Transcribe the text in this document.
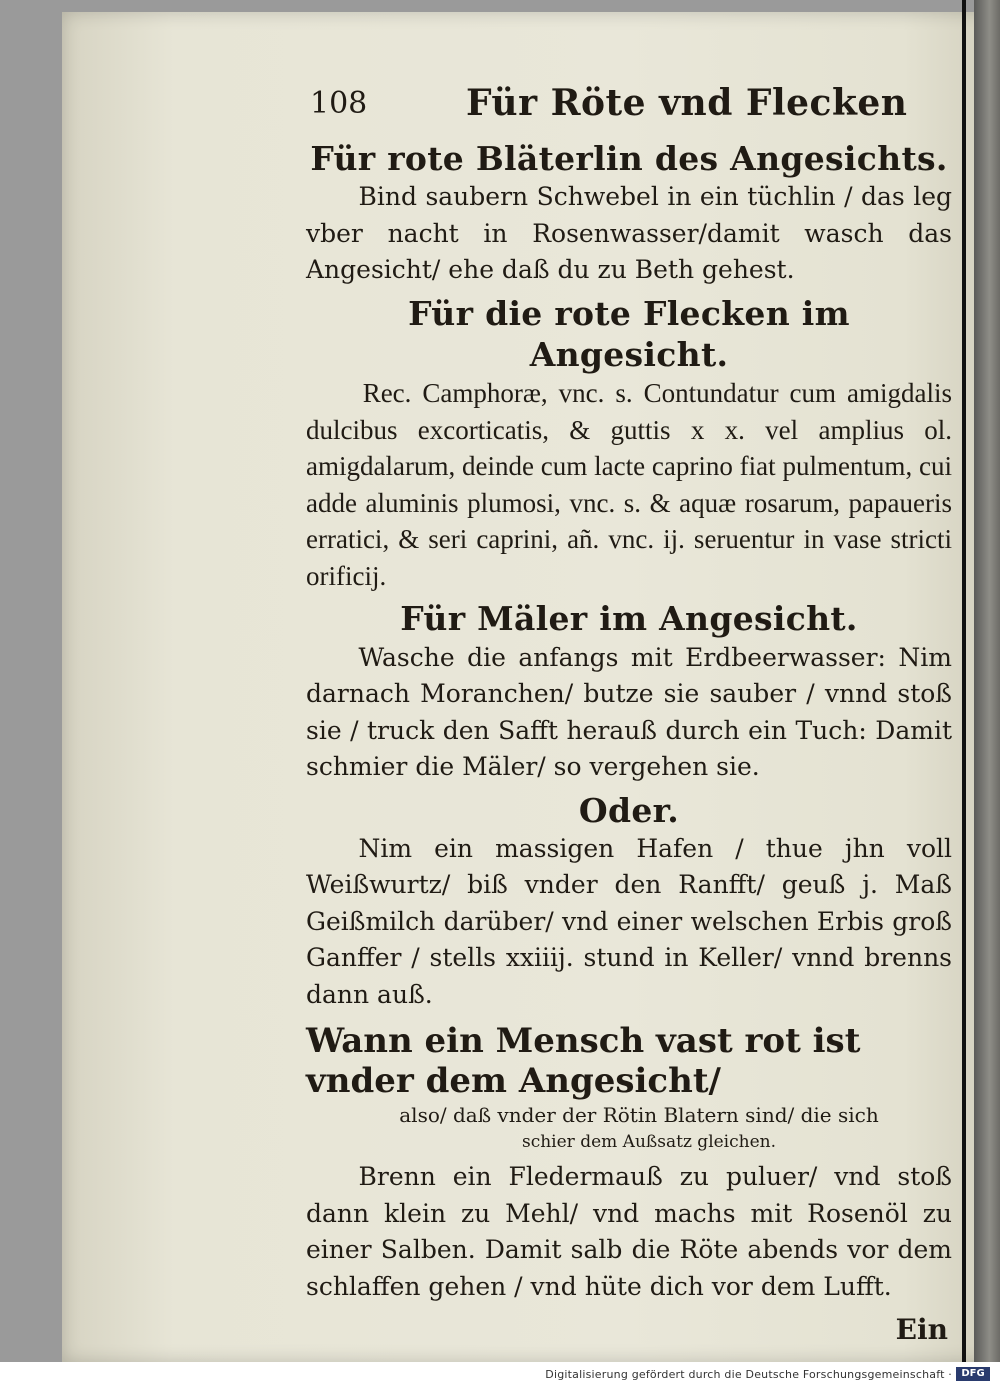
108	Für Röte vnd Flecken
Für rote Bläterlin des Angesichts.

Bind saubern Schwebel in ein tüchlin / das leg vber nacht in Rosenwasser/damit wasch das Angesicht/ ehe daß du zu Beth gehest.

Für die rote Flecken im Angesicht.

Rec. Camphoræ, vnc. s. Contundatur cum amigdalis dulcibus excorticatis, & guttis x x. vel amplius ol. amigdalarum, deinde cum lacte caprino fiat pulmentum, cui adde aluminis plumosi, vnc. s. & aquæ rosarum, papaueris erratici, & seri caprini, añ. vnc. ij. seruentur in vase stricti orificij.

Für Mäler im Angesicht.

Wasche die anfangs mit Erdbeerwasser: Nim darnach Moranchen/ butze sie sauber / vnnd stoß sie / truck den Safft herauß durch ein Tuch: Damit schmier die Mäler/ so vergehen sie.

Oder.

Nim ein massigen Hafen / thue jhn voll Weißwurtz/ biß vnder den Ranfft/ geuß j. Maß Geißmilch darüber/ vnd einer welschen Erbis groß Ganffer / stells xxiiij. stund in Keller/ vnnd brenns dann auß.

Wann ein Mensch vast rot ist vnder dem Angesicht/
also/ daß vnder der Rötin Blatern sind/ die sich
schier dem Außsatz gleichen.

Brenn ein Fledermauß zu puluer/ vnd stoß dann klein zu Mehl/ vnd machs mit Rosenöl zu einer Salben. Damit salb die Röte abends vor dem schlaffen gehen / vnd hüte dich vor dem Lufft.

Ein
Digitalisierung gefördert durch die Deutsche Forschungsgemeinschaft · DFG
